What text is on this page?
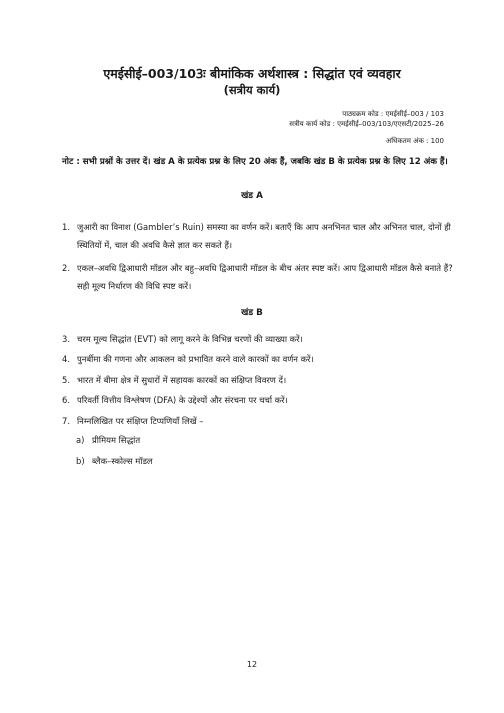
एमईसीई–003/103ः बीमांकिक अर्थशास्त्र : सिद्धांत एवं व्यवहार
(सत्रीय कार्य)
पाठ्यक्रम कोड : एमईसीई–003 / 103
सत्रीय कार्य कोड : एमईसीई–003/103/एएसटी/2025–26
अधिकतम अंक : 100
नोट : सभी प्रश्नों के उत्तर दें। खंड A के प्रत्येक प्रश्न के लिए 20 अंक हैं, जबकि खंड B के प्रत्येक प्रश्न के लिए 12 अंक हैं।
खंड A
1. जुआरी का विनाश (Gambler’s Ruin) समस्या का वर्णन करें। बताएँ कि आप अनभिनत चाल और अभिनत चाल, दोनों ही स्थितियों में, चाल की अवधि कैसे ज्ञात कर सकते हैं।
2. एकल–अवधि द्विआधारी मॉडल और बहु–अवधि द्विआधारी मॉडल के बीच अंतर स्पष्ट करें। आप द्विआधारी मॉडल कैसे बनाते हैं? सही मूल्य निर्धारण की विधि स्पष्ट करें।
खंड B
3. चरम मूल्य सिद्धांत (EVT) को लागू करने के विभिन्न चरणों की व्याख्या करें।
4. पुनर्बीमा की गणना और आकलन को प्रभावित करने वाले कारकों का वर्णन करें।
5. भारत में बीमा क्षेत्र में सुधारों में सहायक कारकों का संक्षिप्त विवरण दें।
6. परिवर्ती वित्तीय विश्लेषण (DFA) के उद्देश्यों और संरचना पर चर्चा करें।
7. निम्नलिखित पर संक्षिप्त टिप्पणियाँ लिखें –
a) प्रीमियम सिद्धांत
b) ब्लैक–स्कोल्स मॉडल
12
